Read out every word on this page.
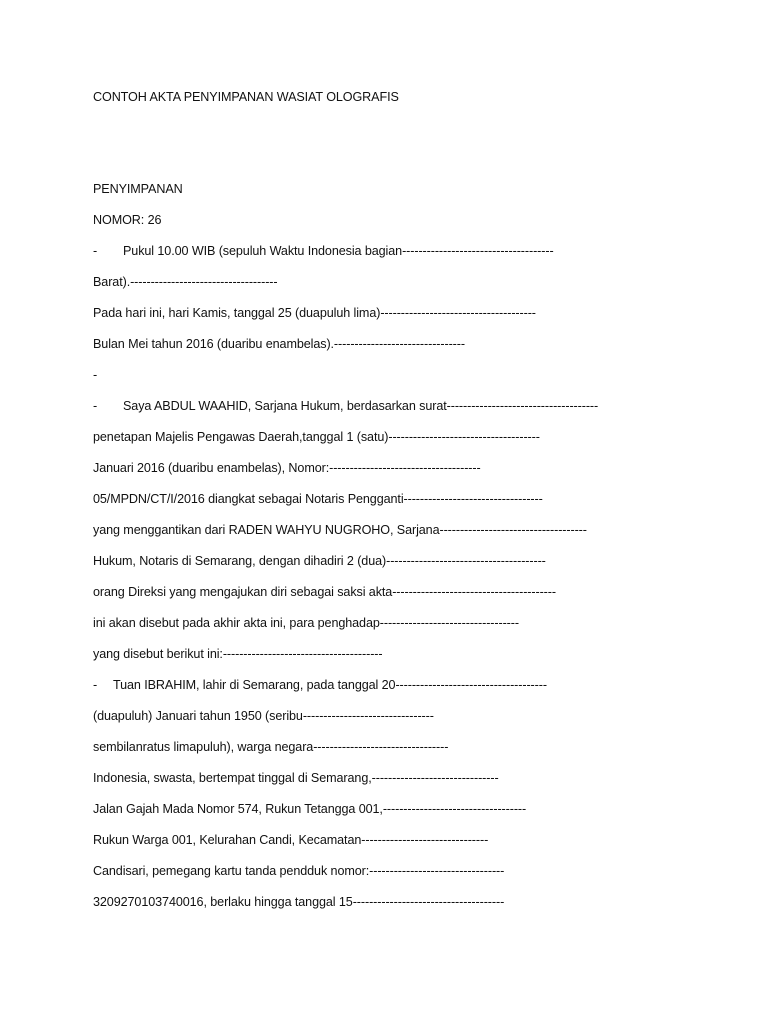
CONTOH AKTA PENYIMPANAN WASIAT OLOGRAFIS
PENYIMPANAN
NOMOR: 26
- Pukul 10.00 WIB (sepuluh Waktu Indonesia bagian-------------------------------------
Barat).------------------------------------
Pada hari ini, hari Kamis, tanggal 25 (duapuluh lima)--------------------------------------
Bulan Mei tahun 2016 (duaribu enambelas).--------------------------------
-
- Saya ABDUL WAAHID, Sarjana Hukum, berdasarkan surat-------------------------------------
penetapan Majelis Pengawas Daerah,tanggal 1 (satu)-------------------------------------
Januari 2016 (duaribu enambelas), Nomor:-------------------------------------
05/MPDN/CT/I/2016 diangkat sebagai Notaris Pengganti----------------------------------
yang menggantikan dari RADEN WAHYU NUGROHO, Sarjana------------------------------------
Hukum, Notaris di Semarang, dengan dihadiri 2 (dua)---------------------------------------
orang Direksi yang mengajukan diri sebagai saksi akta----------------------------------------
ini akan disebut pada akhir akta ini, para penghadap----------------------------------
yang disebut berikut ini:---------------------------------------
- Tuan IBRAHIM, lahir di Semarang, pada tanggal 20-------------------------------------
(duapuluh) Januari tahun 1950 (seribu--------------------------------
sembilanratus limapuluh), warga negara---------------------------------
Indonesia, swasta, bertempat tinggal di Semarang,-------------------------------
Jalan Gajah Mada Nomor 574, Rukun Tetangga 001,-----------------------------------
Rukun Warga 001, Kelurahan Candi, Kecamatan-------------------------------
Candisari, pemegang kartu tanda pendduk nomor:---------------------------------
3209270103740016, berlaku hingga tanggal 15-------------------------------------
